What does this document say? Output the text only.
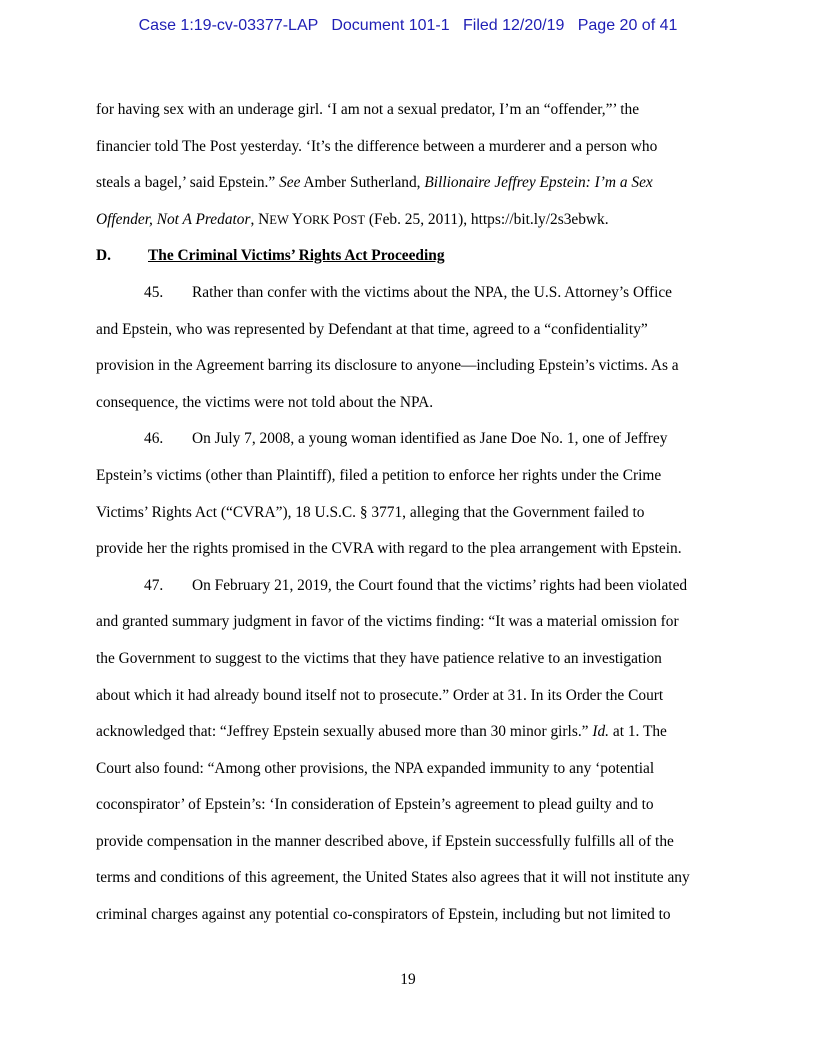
Case 1:19-cv-03377-LAP Document 101-1 Filed 12/20/19 Page 20 of 41
for having sex with an underage girl. ‘I am not a sexual predator, I’m an “offender,”’ the
financier told The Post yesterday. ‘It’s the difference between a murderer and a person who
steals a bagel,’ said Epstein.” See Amber Sutherland, Billionaire Jeffrey Epstein: I’m a Sex
Offender, Not A Predator, NEW YORK POST (Feb. 25, 2011), https://bit.ly/2s3ebwk.
D. The Criminal Victims’ Rights Act Proceeding
45. Rather than confer with the victims about the NPA, the U.S. Attorney’s Office
and Epstein, who was represented by Defendant at that time, agreed to a “confidentiality”
provision in the Agreement barring its disclosure to anyone—including Epstein’s victims. As a
consequence, the victims were not told about the NPA.
46. On July 7, 2008, a young woman identified as Jane Doe No. 1, one of Jeffrey
Epstein’s victims (other than Plaintiff), filed a petition to enforce her rights under the Crime
Victims’ Rights Act (“CVRA”), 18 U.S.C. § 3771, alleging that the Government failed to
provide her the rights promised in the CVRA with regard to the plea arrangement with Epstein.
47. On February 21, 2019, the Court found that the victims’ rights had been violated
and granted summary judgment in favor of the victims finding: “It was a material omission for
the Government to suggest to the victims that they have patience relative to an investigation
about which it had already bound itself not to prosecute.” Order at 31. In its Order the Court
acknowledged that: “Jeffrey Epstein sexually abused more than 30 minor girls.” Id. at 1. The
Court also found: “Among other provisions, the NPA expanded immunity to any ‘potential
coconspirator’ of Epstein’s: ‘In consideration of Epstein’s agreement to plead guilty and to
provide compensation in the manner described above, if Epstein successfully fulfills all of the
terms and conditions of this agreement, the United States also agrees that it will not institute any
criminal charges against any potential co-conspirators of Epstein, including but not limited to
19
